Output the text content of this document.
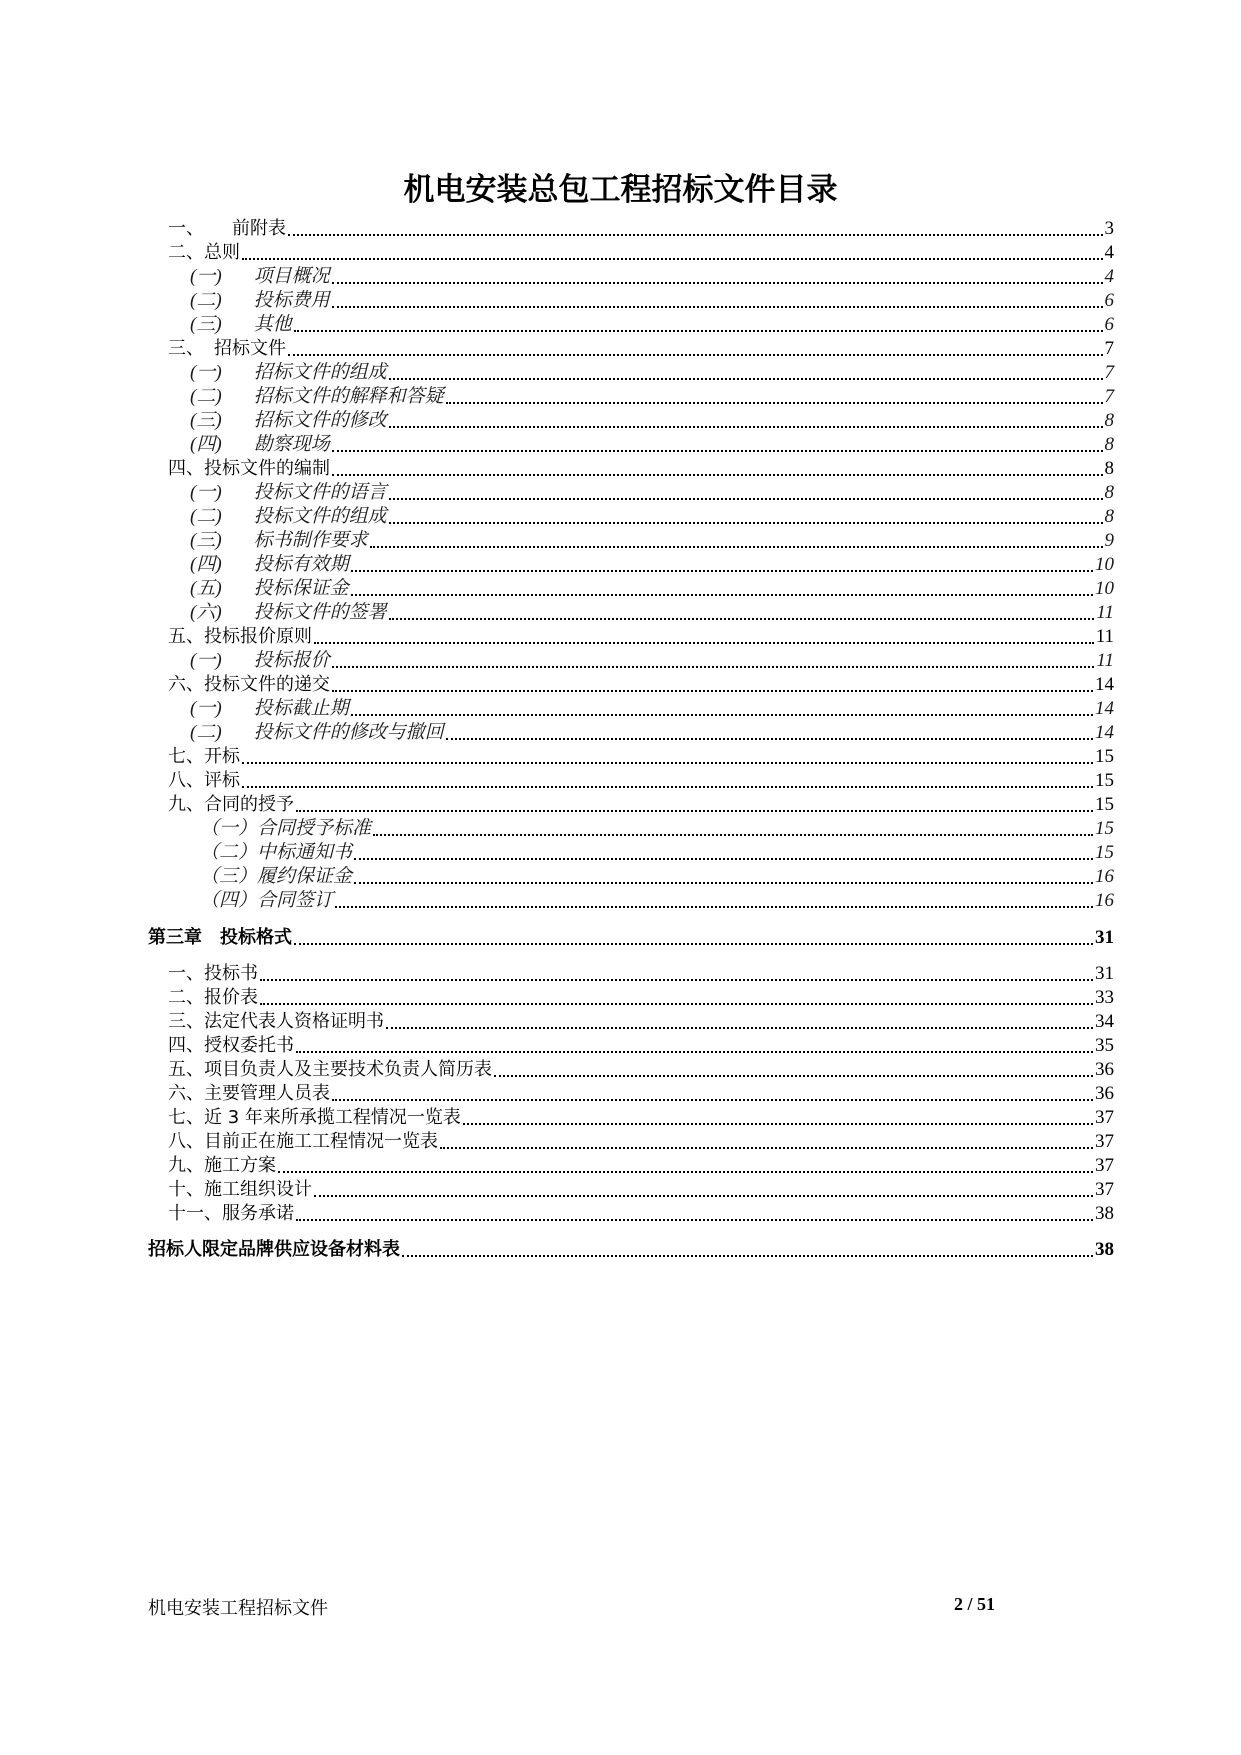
机电安装总包工程招标文件目录
一、 前附表	3
二、 总则	4
(一) 项目概况	4
(二) 投标费用	6
(三) 其他	6
三、 招标文件	7
(一) 招标文件的组成	7
(二) 招标文件的解释和答疑	7
(三) 招标文件的修改	8
(四) 勘察现场	8
四、 投标文件的编制	8
(一) 投标文件的语言	8
(二) 投标文件的组成	8
(三) 标书制作要求	9
(四) 投标有效期	10
(五) 投标保证金	10
(六) 投标文件的签署	11
五、 投标报价原则	11
(一) 投标报价	11
六、 投标文件的递交	14
(一) 投标截止期	14
(二) 投标文件的修改与撤回	14
七、 开标	15
八、 评标	15
九、 合同的授予	15
（一）合同授予标准	15
（二）中标通知书	15
（三）履约保证金	16
（四）合同签订	16
第三章　投标格式	31
一、 投标书	31
二、 报价表	33
三、 法定代表人资格证明书	34
四、 授权委托书	35
五、 项目负责人及主要技术负责人简历表	36
六、 主要管理人员表	36
七、 近 3 年来所承揽工程情况一览表	37
八、 目前正在施工工程情况一览表	37
九、 施工方案	37
十、 施工组织设计	37
十一、 服务承诺	38
招标人限定品牌供应设备材料表	38
机电安装工程招标文件	2 / 51
